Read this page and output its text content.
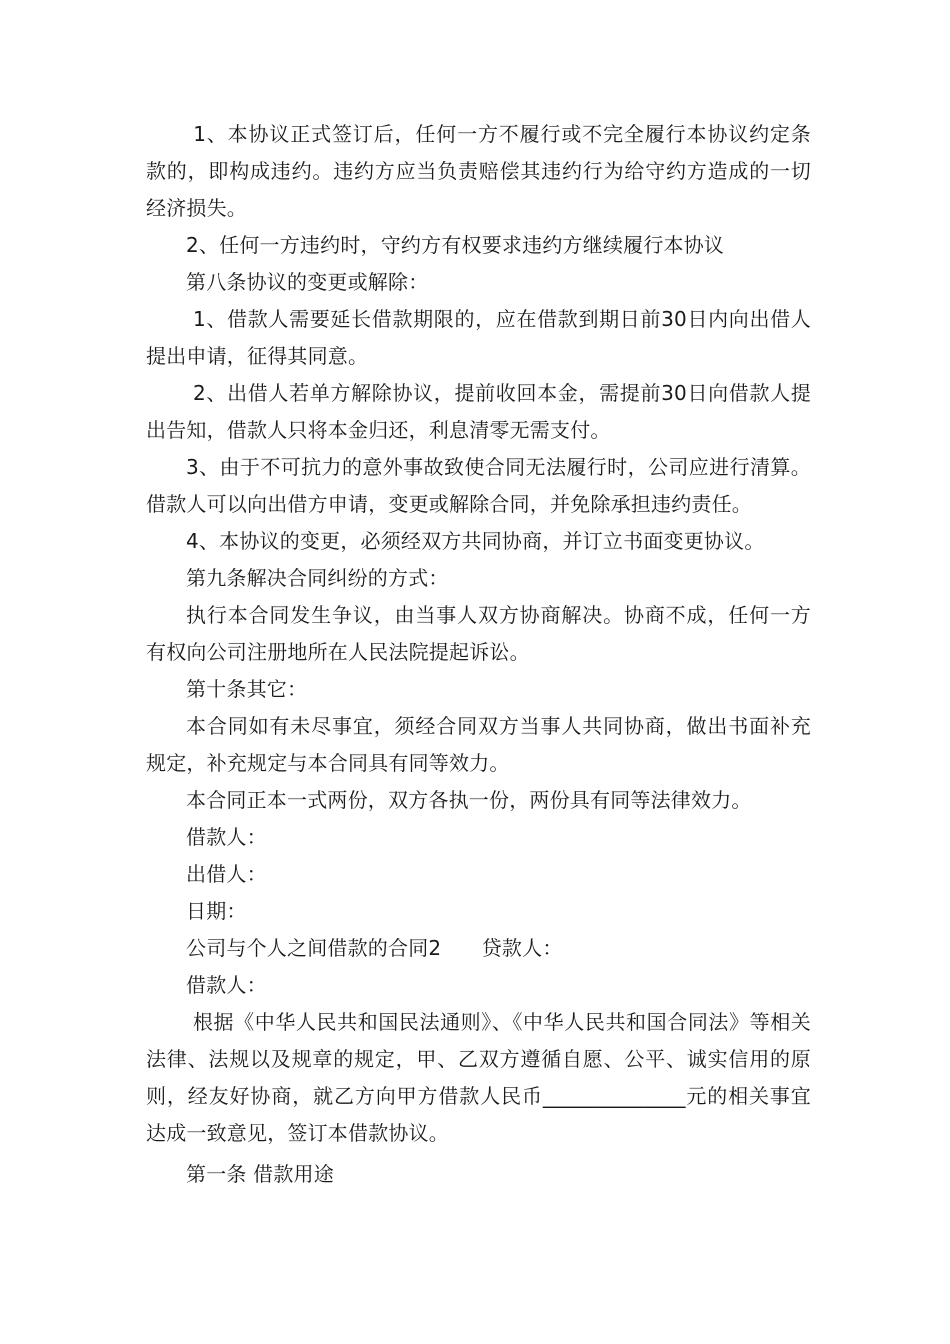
1、本协议正式签订后，任何一方不履行或不完全履行本协议约定条款的，即构成违约。违约方应当负责赔偿其违约行为给守约方造成的一切经济损失。

2、任何一方违约时，守约方有权要求违约方继续履行本协议

第八条协议的变更或解除：

1、借款人需要延长借款期限的，应在借款到期日前30日内向出借人提出申请，征得其同意。

2、出借人若单方解除协议，提前收回本金，需提前30日向借款人提出告知，借款人只将本金归还，利息清零无需支付。

3、由于不可抗力的意外事故致使合同无法履行时，公司应进行清算。借款人可以向出借方申请，变更或解除合同，并免除承担违约责任。

4、本协议的变更，必须经双方共同协商，并订立书面变更协议。

第九条解决合同纠纷的方式：

执行本合同发生争议，由当事人双方协商解决。协商不成，任何一方有权向公司注册地所在人民法院提起诉讼。

第十条其它：

本合同如有未尽事宜，须经合同双方当事人共同协商，做出书面补充规定，补充规定与本合同具有同等效力。

本合同正本一式两份，双方各执一份，两份具有同等法律效力。

借款人：

出借人：

日期：

公司与个人之间借款的合同2　　贷款人：

借款人：

根据《中华人民共和国民法通则》、《中华人民共和国合同法》等相关法律、法规以及规章的规定，甲、乙双方遵循自愿、公平、诚实信用的原则，经友好协商，就乙方向甲方借款人民币______________元的相关事宜达成一致意见，签订本借款协议。

第一条 借款用途
